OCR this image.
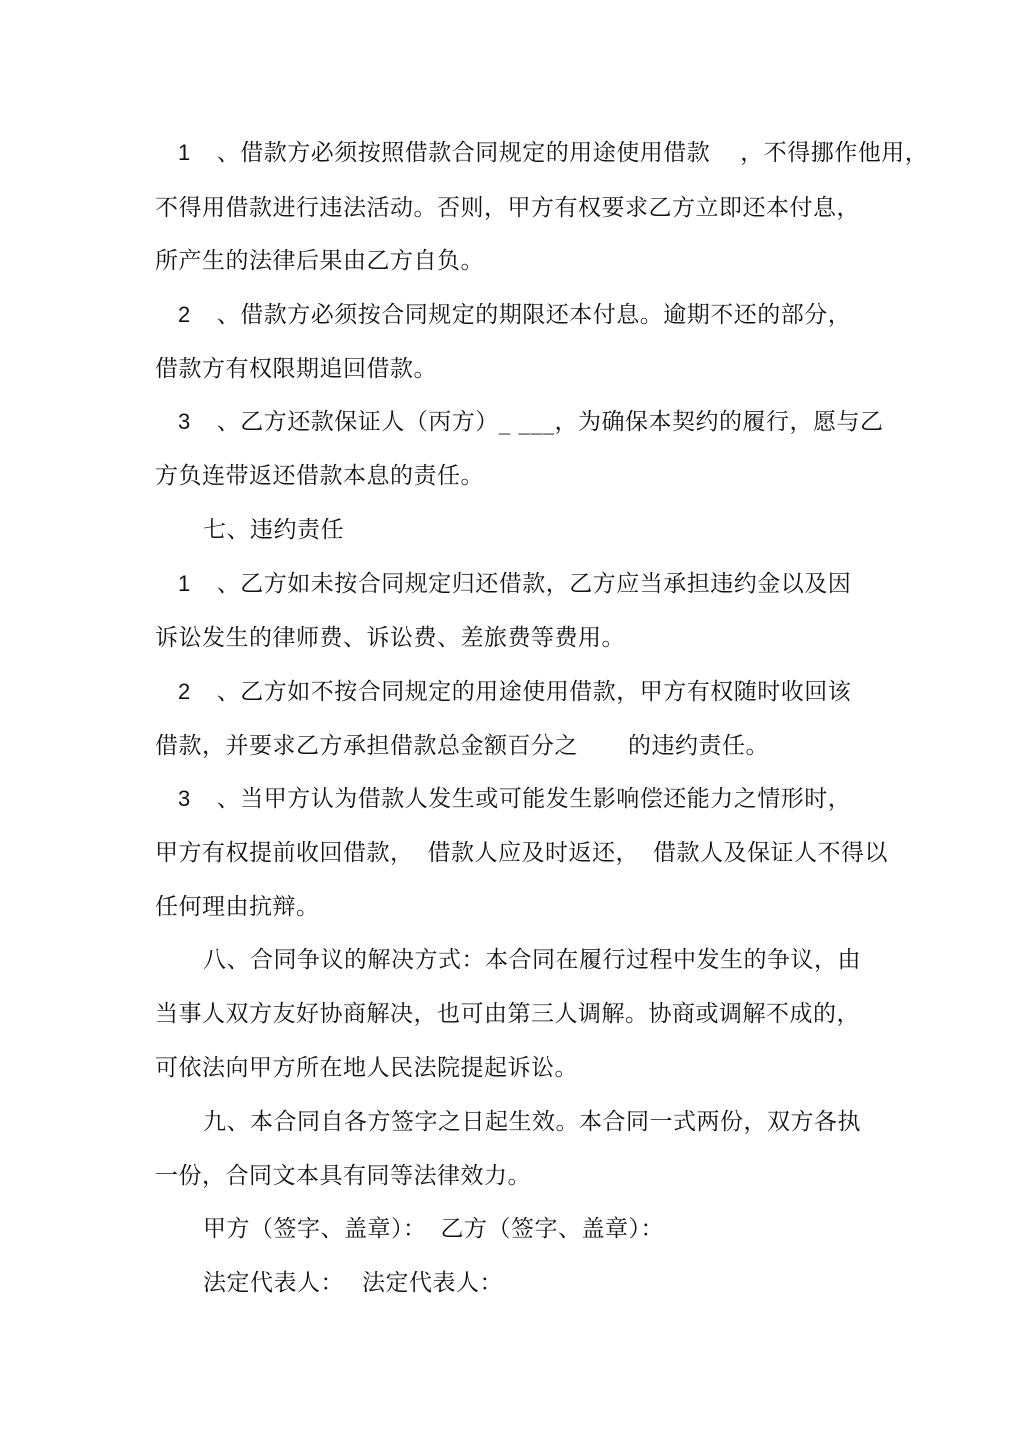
1 、借款方必须按照借款合同规定的用途使用借款 ，不得挪作他用，
不得用借款进行违法活动。否则，甲方有权要求乙方立即还本付息，
所产生的法律后果由乙方自负。
2 、借款方必须按合同规定的期限还本付息。逾期不还的部分，
借款方有权限期追回借款。
3 、乙方还款保证人（丙方）_ ___，为确保本契约的履行，愿与乙
方负连带返还借款本息的责任。
七、违约责任
1 、乙方如未按合同规定归还借款，乙方应当承担违约金以及因
诉讼发生的律师费、诉讼费、差旅费等费用。
2 、乙方如不按合同规定的用途使用借款，甲方有权随时收回该
借款，并要求乙方承担借款总金额百分之 的违约责任。
3 、当甲方认为借款人发生或可能发生影响偿还能力之情形时，
甲方有权提前收回借款， 借款人应及时返还， 借款人及保证人不得以
任何理由抗辩。
八、合同争议的解决方式：本合同在履行过程中发生的争议，由
当事人双方友好协商解决，也可由第三人调解。协商或调解不成的，
可依法向甲方所在地人民法院提起诉讼。
九、本合同自各方签字之日起生效。本合同一式两份，双方各执
一份，合同文本具有同等法律效力。
甲方（签字、盖章）： 乙方（签字、盖章）：
法定代表人： 法定代表人：
